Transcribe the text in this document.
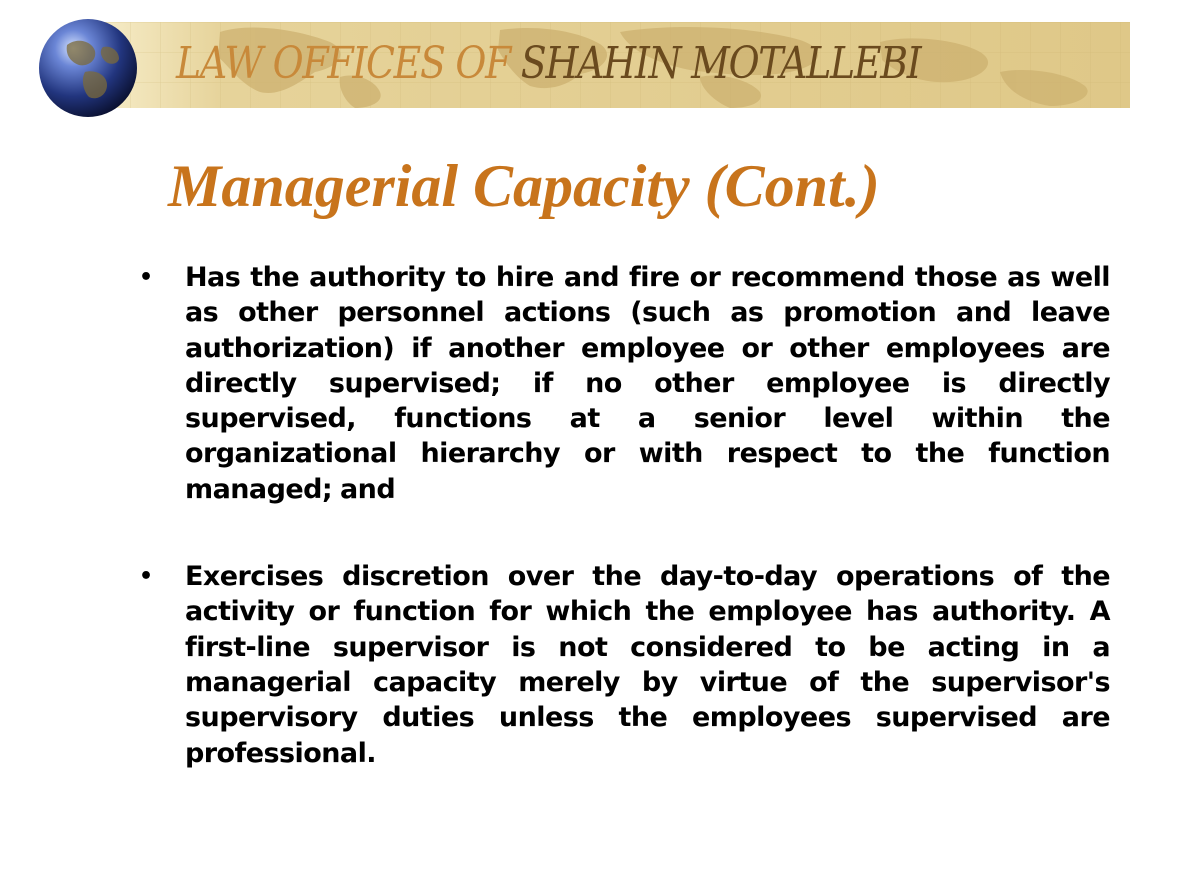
LAW OFFICES OF SHAHIN MOTALLEBI
Managerial Capacity (Cont.)
• Has the authority to hire and fire or recommend those as well as other personnel actions (such as promotion and leave authorization) if another employee or other employees are directly supervised; if no other employee is directly supervised, functions at a senior level within the organizational hierarchy or with respect to the function managed; and
• Exercises discretion over the day-to-day operations of the activity or function for which the employee has authority. A first-line supervisor is not considered to be acting in a managerial capacity merely by virtue of the supervisor's supervisory duties unless the employees supervised are professional.
